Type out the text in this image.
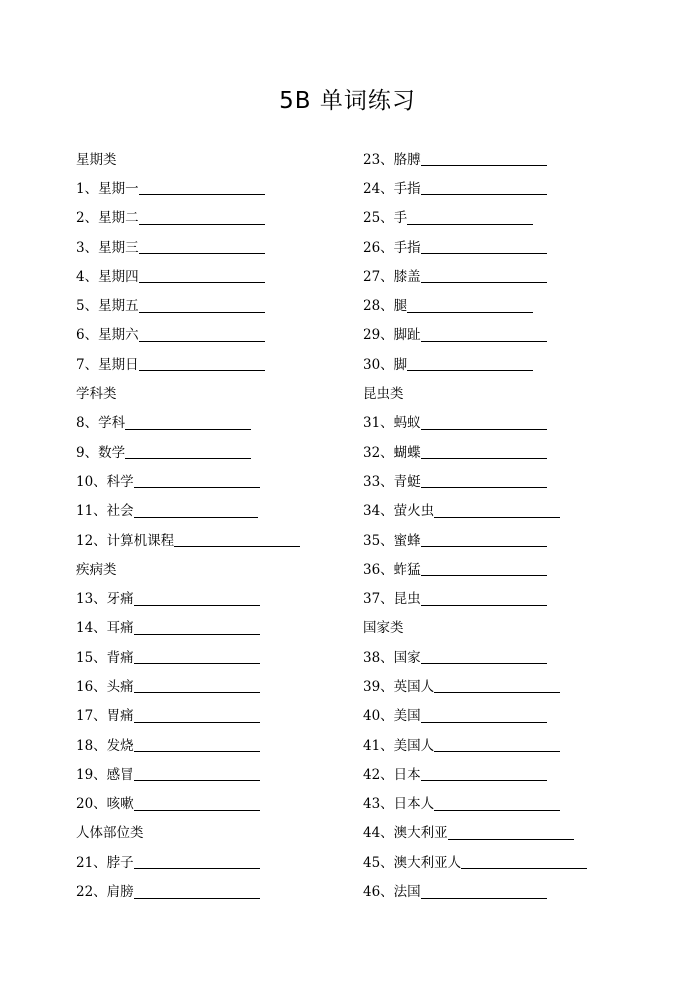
5B 单词练习
星期类
1、星期一
2、星期二
3、星期三
4、星期四
5、星期五
6、星期六
7、星期日
学科类
8、学科
9、数学
10、科学
11、社会
12、计算机课程
疾病类
13、牙痛
14、耳痛
15、背痛
16、头痛
17、胃痛
18、发烧
19、感冒
20、咳嗽
人体部位类
21、脖子
22、肩膀
23、胳膊
24、手指
25、手
26、手指
27、膝盖
28、腿
29、脚趾
30、脚
昆虫类
31、蚂蚁
32、蝴蝶
33、青蜓
34、萤火虫
35、蜜蜂
36、蚱猛
37、昆虫
国家类
38、国家
39、英国人
40、美国
41、美国人
42、日本
43、日本人
44、澳大利亚
45、澳大利亚人
46、法国
